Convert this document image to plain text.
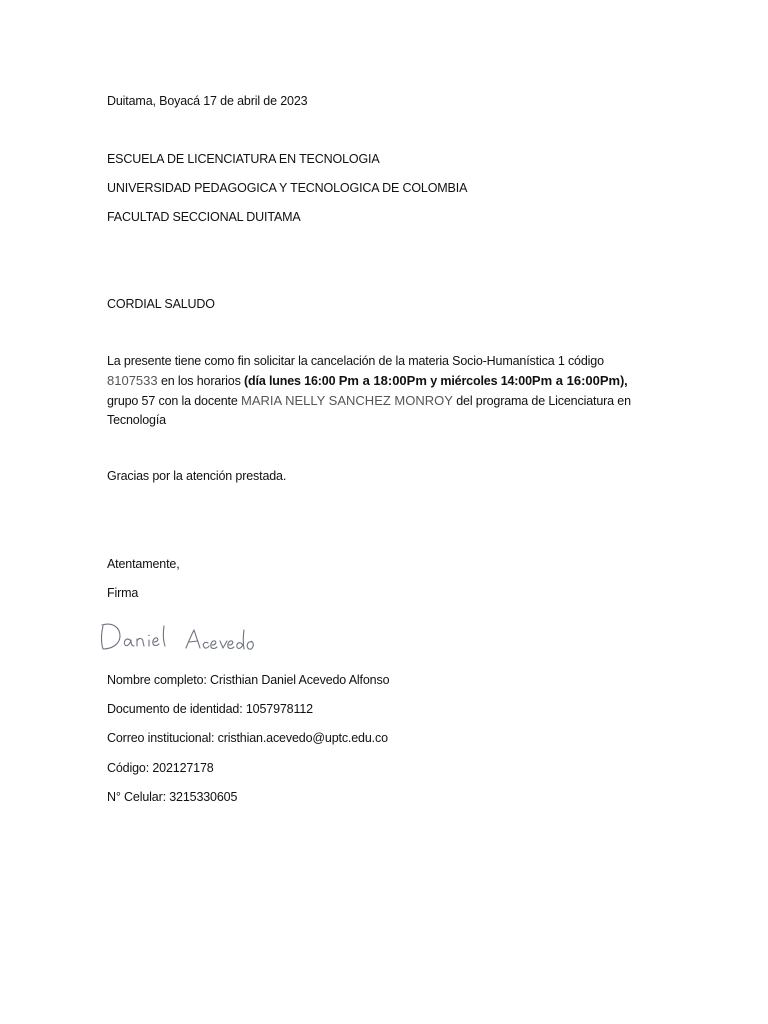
Duitama, Boyacá 17 de abril de 2023
ESCUELA DE LICENCIATURA EN TECNOLOGIA
UNIVERSIDAD PEDAGOGICA Y TECNOLOGICA DE COLOMBIA
FACULTAD SECCIONAL DUITAMA
CORDIAL SALUDO
La presente tiene como fin solicitar la cancelación de la materia Socio-Humanística 1 código
8107533 en los horarios (día lunes 16:00 Pm a 18:00Pm y miércoles 14:00Pm a 16:00Pm),
grupo 57 con la docente MARIA NELLY SANCHEZ MONROY del programa de Licenciatura en
Tecnología
Gracias por la atención prestada.
Atentamente,
Firma
Nombre completo: Cristhian Daniel Acevedo Alfonso
Documento de identidad: 1057978112
Correo institucional: cristhian.acevedo@uptc.edu.co
Código: 202127178
N° Celular: 3215330605
